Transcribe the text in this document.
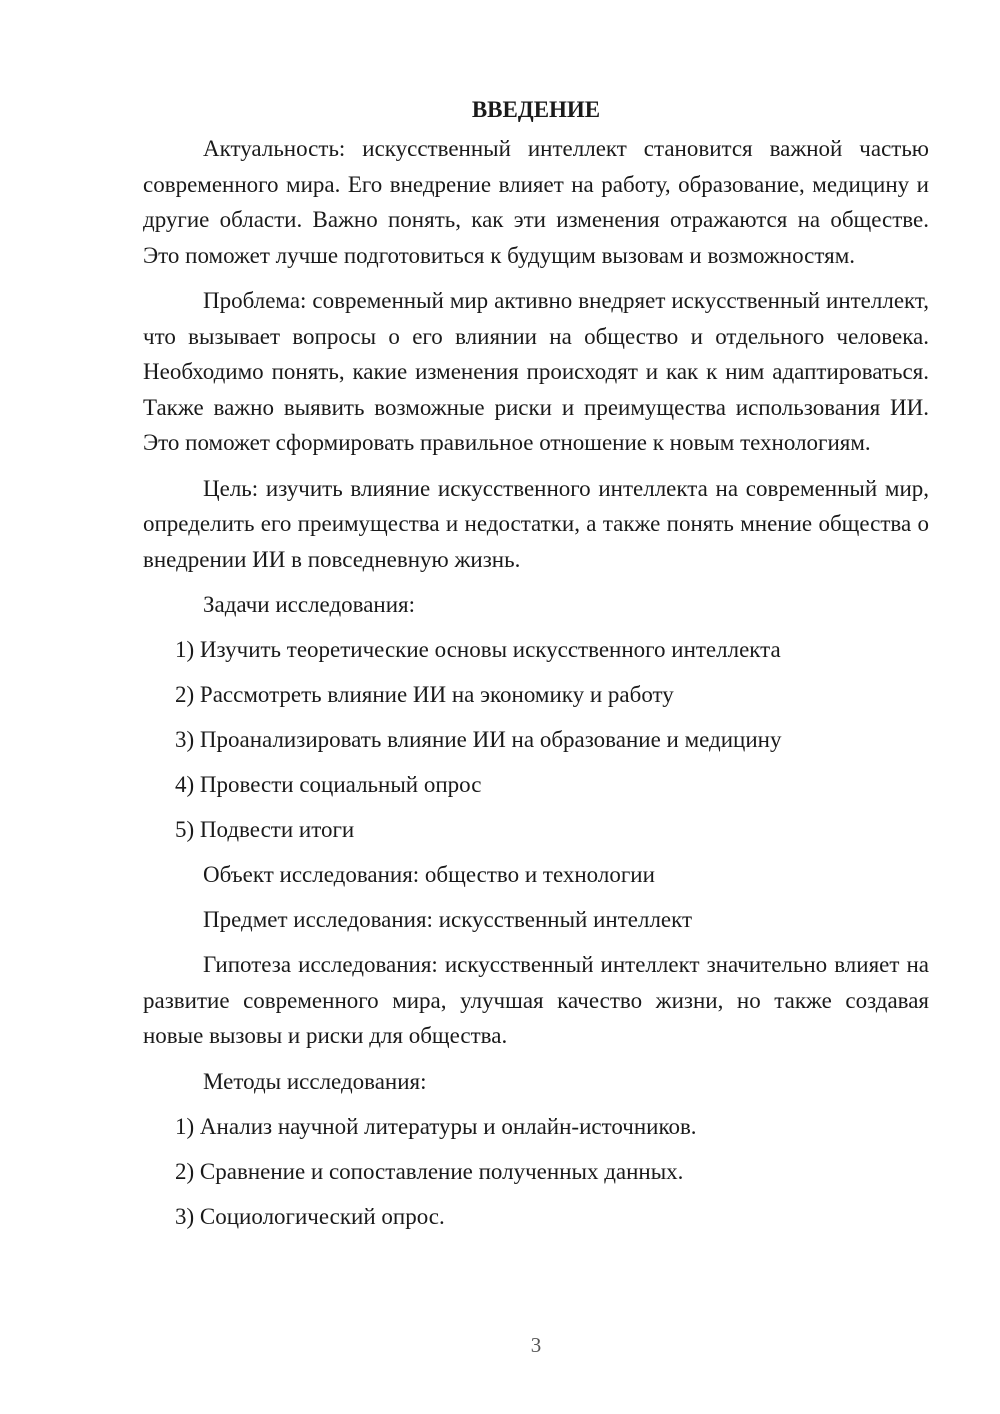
ВВЕДЕНИЕ

Актуальность: искусственный интеллект становится важной частью современного мира. Его внедрение влияет на работу, образование, медицину и другие области. Важно понять, как эти изменения отражаются на обществе. Это поможет лучше подготовиться к будущим вызовам и возможностям.

Проблема: современный мир активно внедряет искусственный интеллект, что вызывает вопросы о его влиянии на общество и отдельного человека. Необходимо понять, какие изменения происходят и как к ним адаптироваться. Также важно выявить возможные риски и преимущества использования ИИ. Это поможет сформировать правильное отношение к новым технологиям.

Цель: изучить влияние искусственного интеллекта на современный мир, определить его преимущества и недостатки, а также понять мнение общества о внедрении ИИ в повседневную жизнь.

Задачи исследования:
1) Изучить теоретические основы искусственного интеллекта
2) Рассмотреть влияние ИИ на экономику и работу
3) Проанализировать влияние ИИ на образование и медицину
4) Провести социальный опрос
5) Подвести итоги
Объект исследования: общество и технологии
Предмет исследования: искусственный интеллект

Гипотеза исследования: искусственный интеллект значительно влияет на развитие современного мира, улучшая качество жизни, но также создавая новые вызовы и риски для общества.

Методы исследования:
1) Анализ научной литературы и онлайн-источников.
2) Сравнение и сопоставление полученных данных.
3) Социологический опрос.
3
